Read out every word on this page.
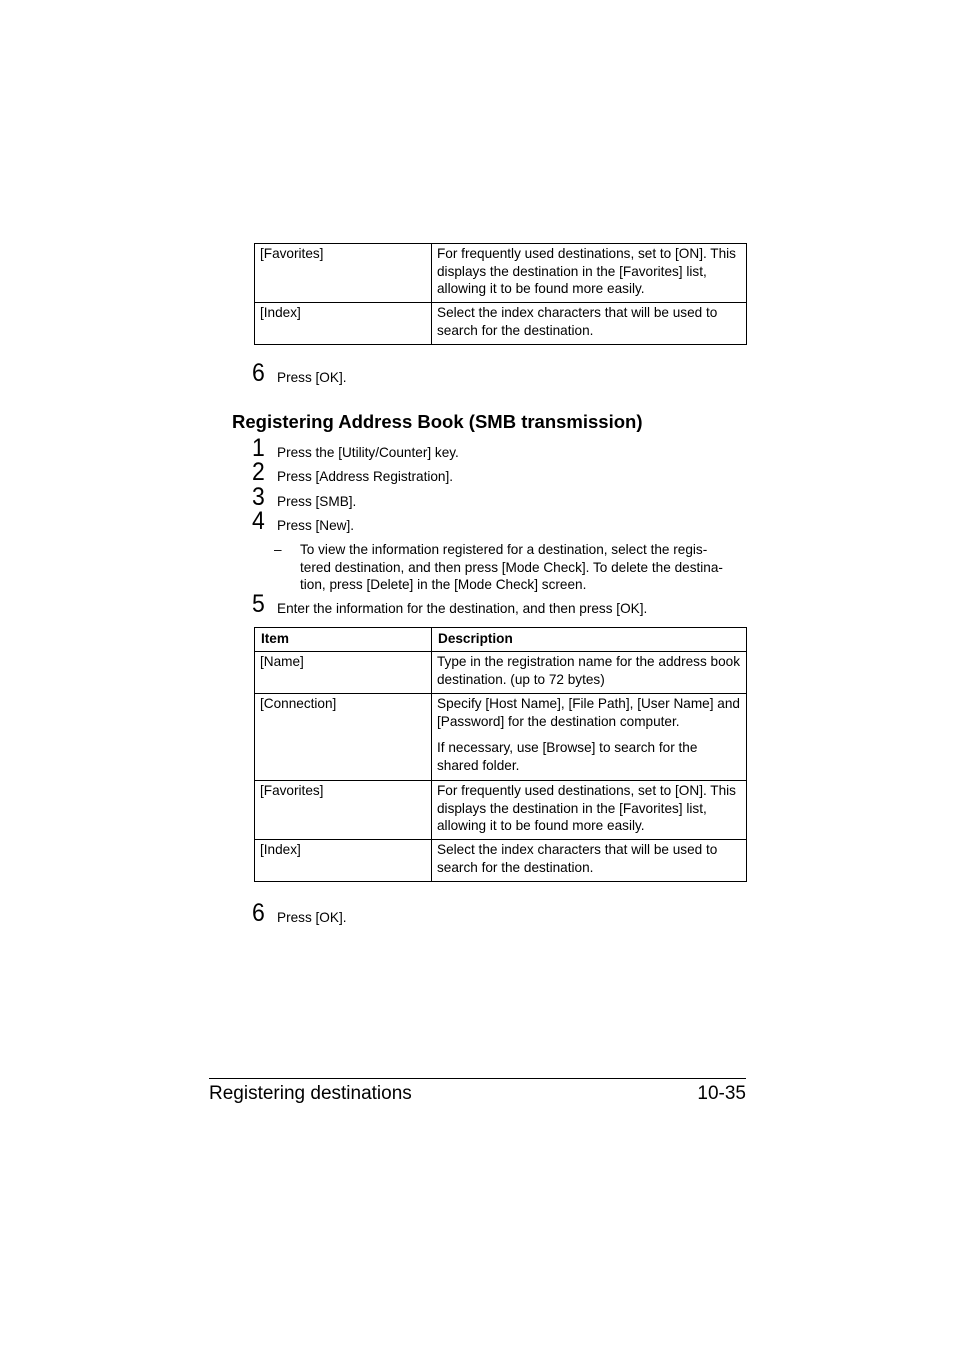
[Favorites]	For frequently used destinations, set to [ON]. This displays the destination in the [Favorites] list, allowing it to be found more easily.
[Index]	Select the index characters that will be used to search for the destination.
6 Press [OK].
Registering Address Book (SMB transmission)
1 Press the [Utility/Counter] key.
2 Press [Address Registration].
3 Press [SMB].
4 Press [New].
– To view the information registered for a destination, select the regis-
tered destination, and then press [Mode Check]. To delete the destina-
tion, press [Delete] in the [Mode Check] screen.
5 Enter the information for the destination, and then press [OK].
Item	Description
[Name]	Type in the registration name for the address book destination. (up to 72 bytes)
[Connection]	Specify [Host Name], [File Path], [User Name] and [Password] for the destination computer.
If necessary, use [Browse] to search for the shared folder.

[Favorites]	For frequently used destinations, set to [ON]. This displays the destination in the [Favorites] list, allowing it to be found more easily.
[Index]	Select the index characters that will be used to search for the destination.
6 Press [OK].
Registering destinations	10-35
